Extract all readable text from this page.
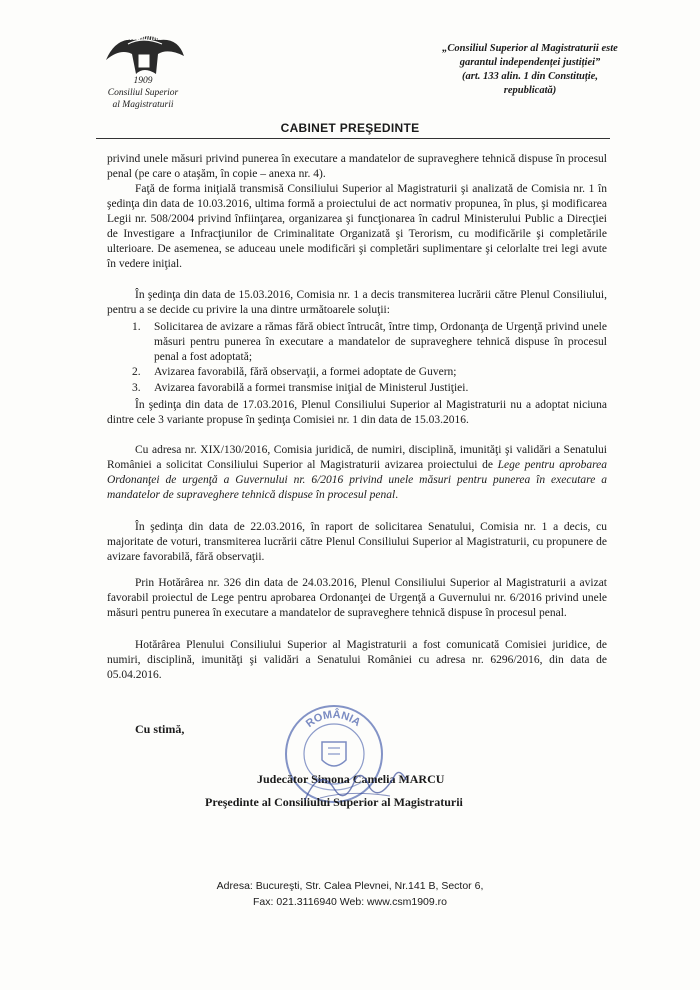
Romania
1909
Consiliul Superior
al Magistraturii
„Consiliul Superior al Magistraturii este
garantul independenței justiției”
(art. 133 alin. 1 din Constituție,
republicată)
CABINET PREŞEDINTE
privind unele măsuri privind punerea în executare a mandatelor de supraveghere tehnică dispuse în procesul penal (pe care o ataşăm, în copie – anexa nr. 4).
Faţă de forma iniţială transmisă Consiliului Superior al Magistraturii şi analizată de Comisia nr. 1 în şedinţa din data de 10.03.2016, ultima formă a proiectului de act normativ propunea, în plus, şi modificarea Legii nr. 508/2004 privind înfiinţarea, organizarea şi funcţionarea în cadrul Ministerului Public a Direcţiei de Investigare a Infracţiunilor de Criminalitate Organizată şi Terorism, cu modificările şi completările ulterioare. De asemenea, se aduceau unele modificări şi completări suplimentare şi celorlalte trei legi avute în vedere iniţial.
În şedinţa din data de 15.03.2016, Comisia nr. 1 a decis transmiterea lucrării către Plenul Consiliului, pentru a se decide cu privire la una dintre următoarele soluţii:
1. Solicitarea de avizare a rămas fără obiect întrucât, între timp, Ordonanţa de Urgenţă privind unele măsuri pentru punerea în executare a mandatelor de supraveghere tehnică dispuse în procesul penal a fost adoptată;
2. Avizarea favorabilă, fără observaţii, a formei adoptate de Guvern;
3. Avizarea favorabilă a formei transmise iniţial de Ministerul Justiţiei.
În şedinţa din data de 17.03.2016, Plenul Consiliului Superior al Magistraturii nu a adoptat niciuna dintre cele 3 variante propuse în şedinţa Comisiei nr. 1 din data de 15.03.2016.
Cu adresa nr. XIX/130/2016, Comisia juridică, de numiri, disciplină, imunităţi şi validări a Senatului României a solicitat Consiliului Superior al Magistraturii avizarea proiectului de Lege pentru aprobarea Ordonanţei de urgenţă a Guvernului nr. 6/2016 privind unele măsuri pentru punerea în executare a mandatelor de supraveghere tehnică dispuse în procesul penal.
În şedinţa din data de 22.03.2016, în raport de solicitarea Senatului, Comisia nr. 1 a decis, cu majoritate de voturi, transmiterea lucrării către Plenul Consiliului Superior al Magistraturii, cu propunere de avizare favorabilă, fără observaţii.
Prin Hotărârea nr. 326 din data de 24.03.2016, Plenul Consiliului Superior al Magistraturii a avizat favorabil proiectul de Lege pentru aprobarea Ordonanţei de Urgenţă a Guvernului nr. 6/2016 privind unele măsuri pentru punerea în executare a mandatelor de supraveghere tehnică dispuse în procesul penal.
Hotărârea Plenului Consiliului Superior al Magistraturii a fost comunicată Comisiei juridice, de numiri, disciplină, imunităţi şi validări a Senatului României cu adresa nr. 6296/2016, din data de 05.04.2016.
Cu stimă,	ROMÂNIA
Judecător Simona Camelia MARCU
Preşedinte al Consiliului Superior al Magistraturii
Adresa: Bucureşti, Str. Calea Plevnei, Nr.141 B, Sector 6,
Fax: 021.3116940 Web: www.csm1909.ro
